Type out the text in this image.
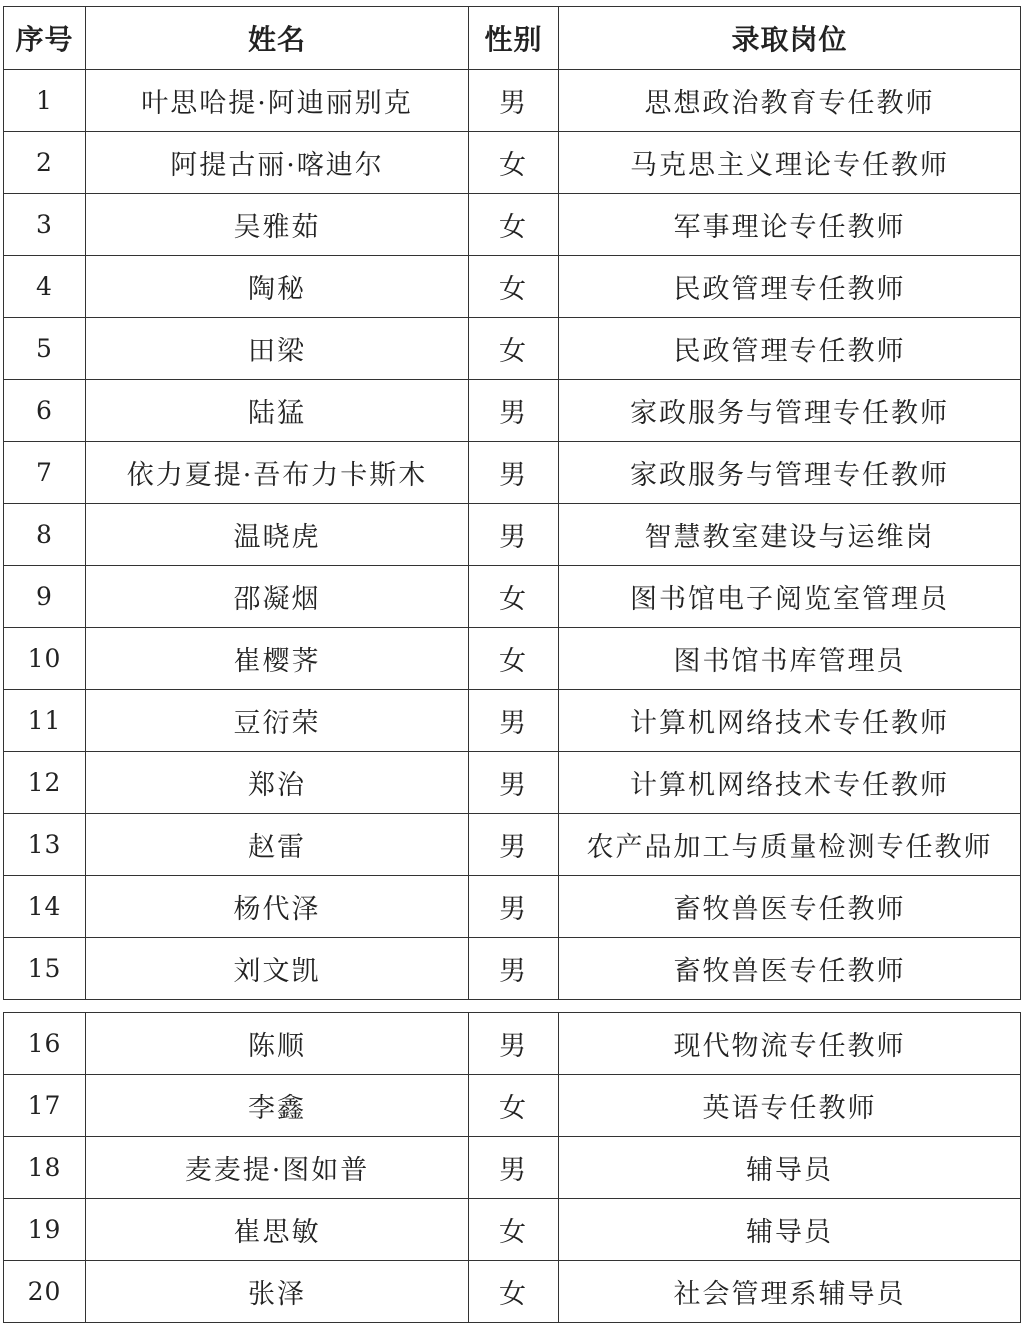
序号	姓名	性别	录取岗位
1	叶思哈提·阿迪丽别克	男	思想政治教育专任教师
2	阿提古丽·喀迪尔	女	马克思主义理论专任教师
3	吴雅茹	女	军事理论专任教师
4	陶秘	女	民政管理专任教师
5	田梁	女	民政管理专任教师
6	陆猛	男	家政服务与管理专任教师
7	依力夏提·吾布力卡斯木	男	家政服务与管理专任教师
8	温晓虎	男	智慧教室建设与运维岗
9	邵凝烟	女	图书馆电子阅览室管理员
10	崔樱荠	女	图书馆书库管理员
11	豆衍荣	男	计算机网络技术专任教师
12	郑治	男	计算机网络技术专任教师
13	赵雷	男	农产品加工与质量检测专任教师
14	杨代泽	男	畜牧兽医专任教师
15	刘文凯	男	畜牧兽医专任教师
16	陈顺	男	现代物流专任教师
17	李鑫	女	英语专任教师
18	麦麦提·图如普	男	辅导员
19	崔思敏	女	辅导员
20	张泽	女	社会管理系辅导员
